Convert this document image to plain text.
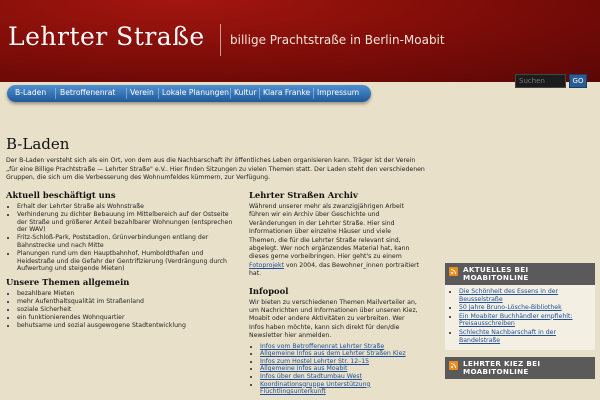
Lehrter Straße billige Prachtstraße in Berlin-Moabit
Suchen
GO
B-Laden Betroffenenrat Verein Lokale Planungen Kultur Klara Franke Impressum
B-Laden
Der B-Laden versteht sich als ein Ort, von dem aus die Nachbarschaft ihr öffentliches Leben organisieren kann. Träger ist der Verein „für eine Billige Prachtstraße — Lehrter Straße" e.V.. Hier finden Sitzungen zu vielen Themen statt. Der Laden steht den verschiedenen Gruppen, die sich um die Verbesserung des Wohnumfeldes kümmern, zur Verfügung.
Aktuell beschäftigt uns
• Erhalt der Lehrter Straße als Wohnstraße
• Verhinderung zu dichter Bebauung im Mittelbereich auf der Ostseite der Straße und größerer Anteil bezahlbarer Wohnungen (entsprechen der WAV)
• Fritz-Schloß-Park, Poststadion, Grünverbindungen entlang der Bahnstrecke und nach Mitte
• Planungen rund um den Hauptbahnhof, Humboldthafen und Heidestraße und die Gefahr der Gentrifizierung (Verdrängung durch Aufwertung und steigende Mieten)
Unsere Themen allgemein
• bezahlbare Mieten
• mehr Aufenthaltsqualität im Straßenland
• soziale Sicherheit
• ein funktionierendes Wohnquartier
• behutsame und sozial ausgewogene Stadtentwicklung
Lehrter Straßen Archiv
Während unserer mehr als zwanzigjährigen Arbeit führen wir ein Archiv über Geschichte und Veränderungen in der Lehrter Straße. Hier sind Informationen über einzelne Häuser und viele Themen, die für die Lehrter Straße relevant sind, abgelegt. Wer noch ergänzendes Material hat, kann dieses gerne vorbeibringen. Hier geht's zu einem Fotoprojekt von 2004, das Bewohner_innen portraitiert hat.
Infopool
Wir bieten zu verschiedenen Themen Mailverteiler an, um Nachrichten und Informationen über unseren Kiez, Moabit oder andere Aktivitäten zu verbreiten. Wer Infos haben möchte, kann sich direkt für den/die Newsletter hier anmelden.
• Infos vom Betroffenenrat Lehrter Straße
• Allgemeine Infos aus dem Lehrter Straßen Kiez
• Infos zum Hostel Lehrter Str. 12–15
• Allgemeine Infos aus Moabit
• Infos über den Stadtumbau West
• Koordinationsgruppe Unterstützung Flüchtlingsunterkunft
AKTUELLES BEI MOABITONLINE
• Die Schönheit des Essens in der Beusselstraße
• 50 Jahre Bruno-Lösche-Bibliothek
• Ein Moabiter Buchhändler empfiehlt: Preisausschreiben
• Schlechte Nachbarschaft in der Bandelstraße
LEHRTER KIEZ BEI MOABITONLINE
